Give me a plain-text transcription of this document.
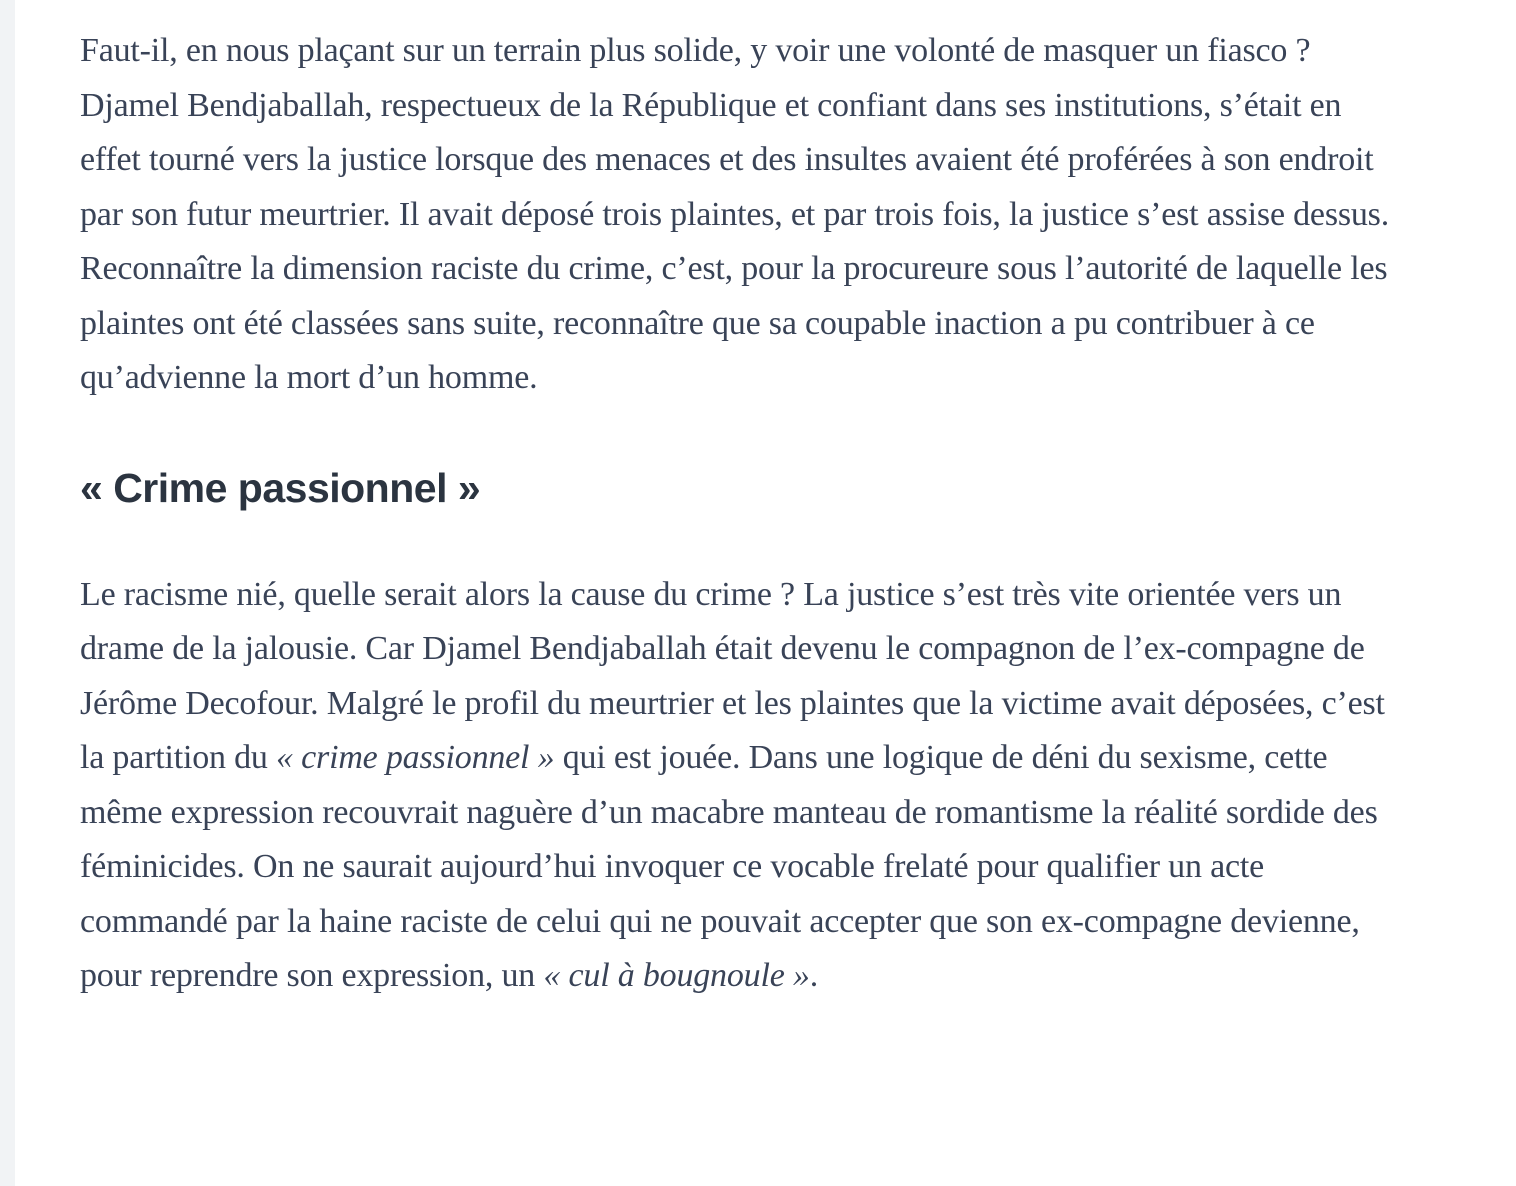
Faut-il, en nous plaçant sur un terrain plus solide, y voir une volonté de masquer un fiasco ? Djamel Bendjaballah, respectueux de la République et confiant dans ses institutions, s’était en effet tourné vers la justice lorsque des menaces et des insultes avaient été proférées à son endroit par son futur meurtrier. Il avait déposé trois plaintes, et par trois fois, la justice s’est assise dessus. Reconnaître la dimension raciste du crime, c’est, pour la procureure sous l’autorité de laquelle les plaintes ont été classées sans suite, reconnaître que sa coupable inaction a pu contribuer à ce qu’advienne la mort d’un homme.

« Crime passionnel »

Le racisme nié, quelle serait alors la cause du crime ? La justice s’est très vite orientée vers un drame de la jalousie. Car Djamel Bendjaballah était devenu le compagnon de l’ex-compagne de Jérôme Decofour. Malgré le profil du meurtrier et les plaintes que la victime avait déposées, c’est la partition du « crime passionnel » qui est jouée. Dans une logique de déni du sexisme, cette même expression recouvrait naguère d’un macabre manteau de romantisme la réalité sordide des féminicides. On ne saurait aujourd’hui invoquer ce vocable frelaté pour qualifier un acte commandé par la haine raciste de celui qui ne pouvait accepter que son ex-compagne devienne, pour reprendre son expression, un « cul à bougnoule ».
